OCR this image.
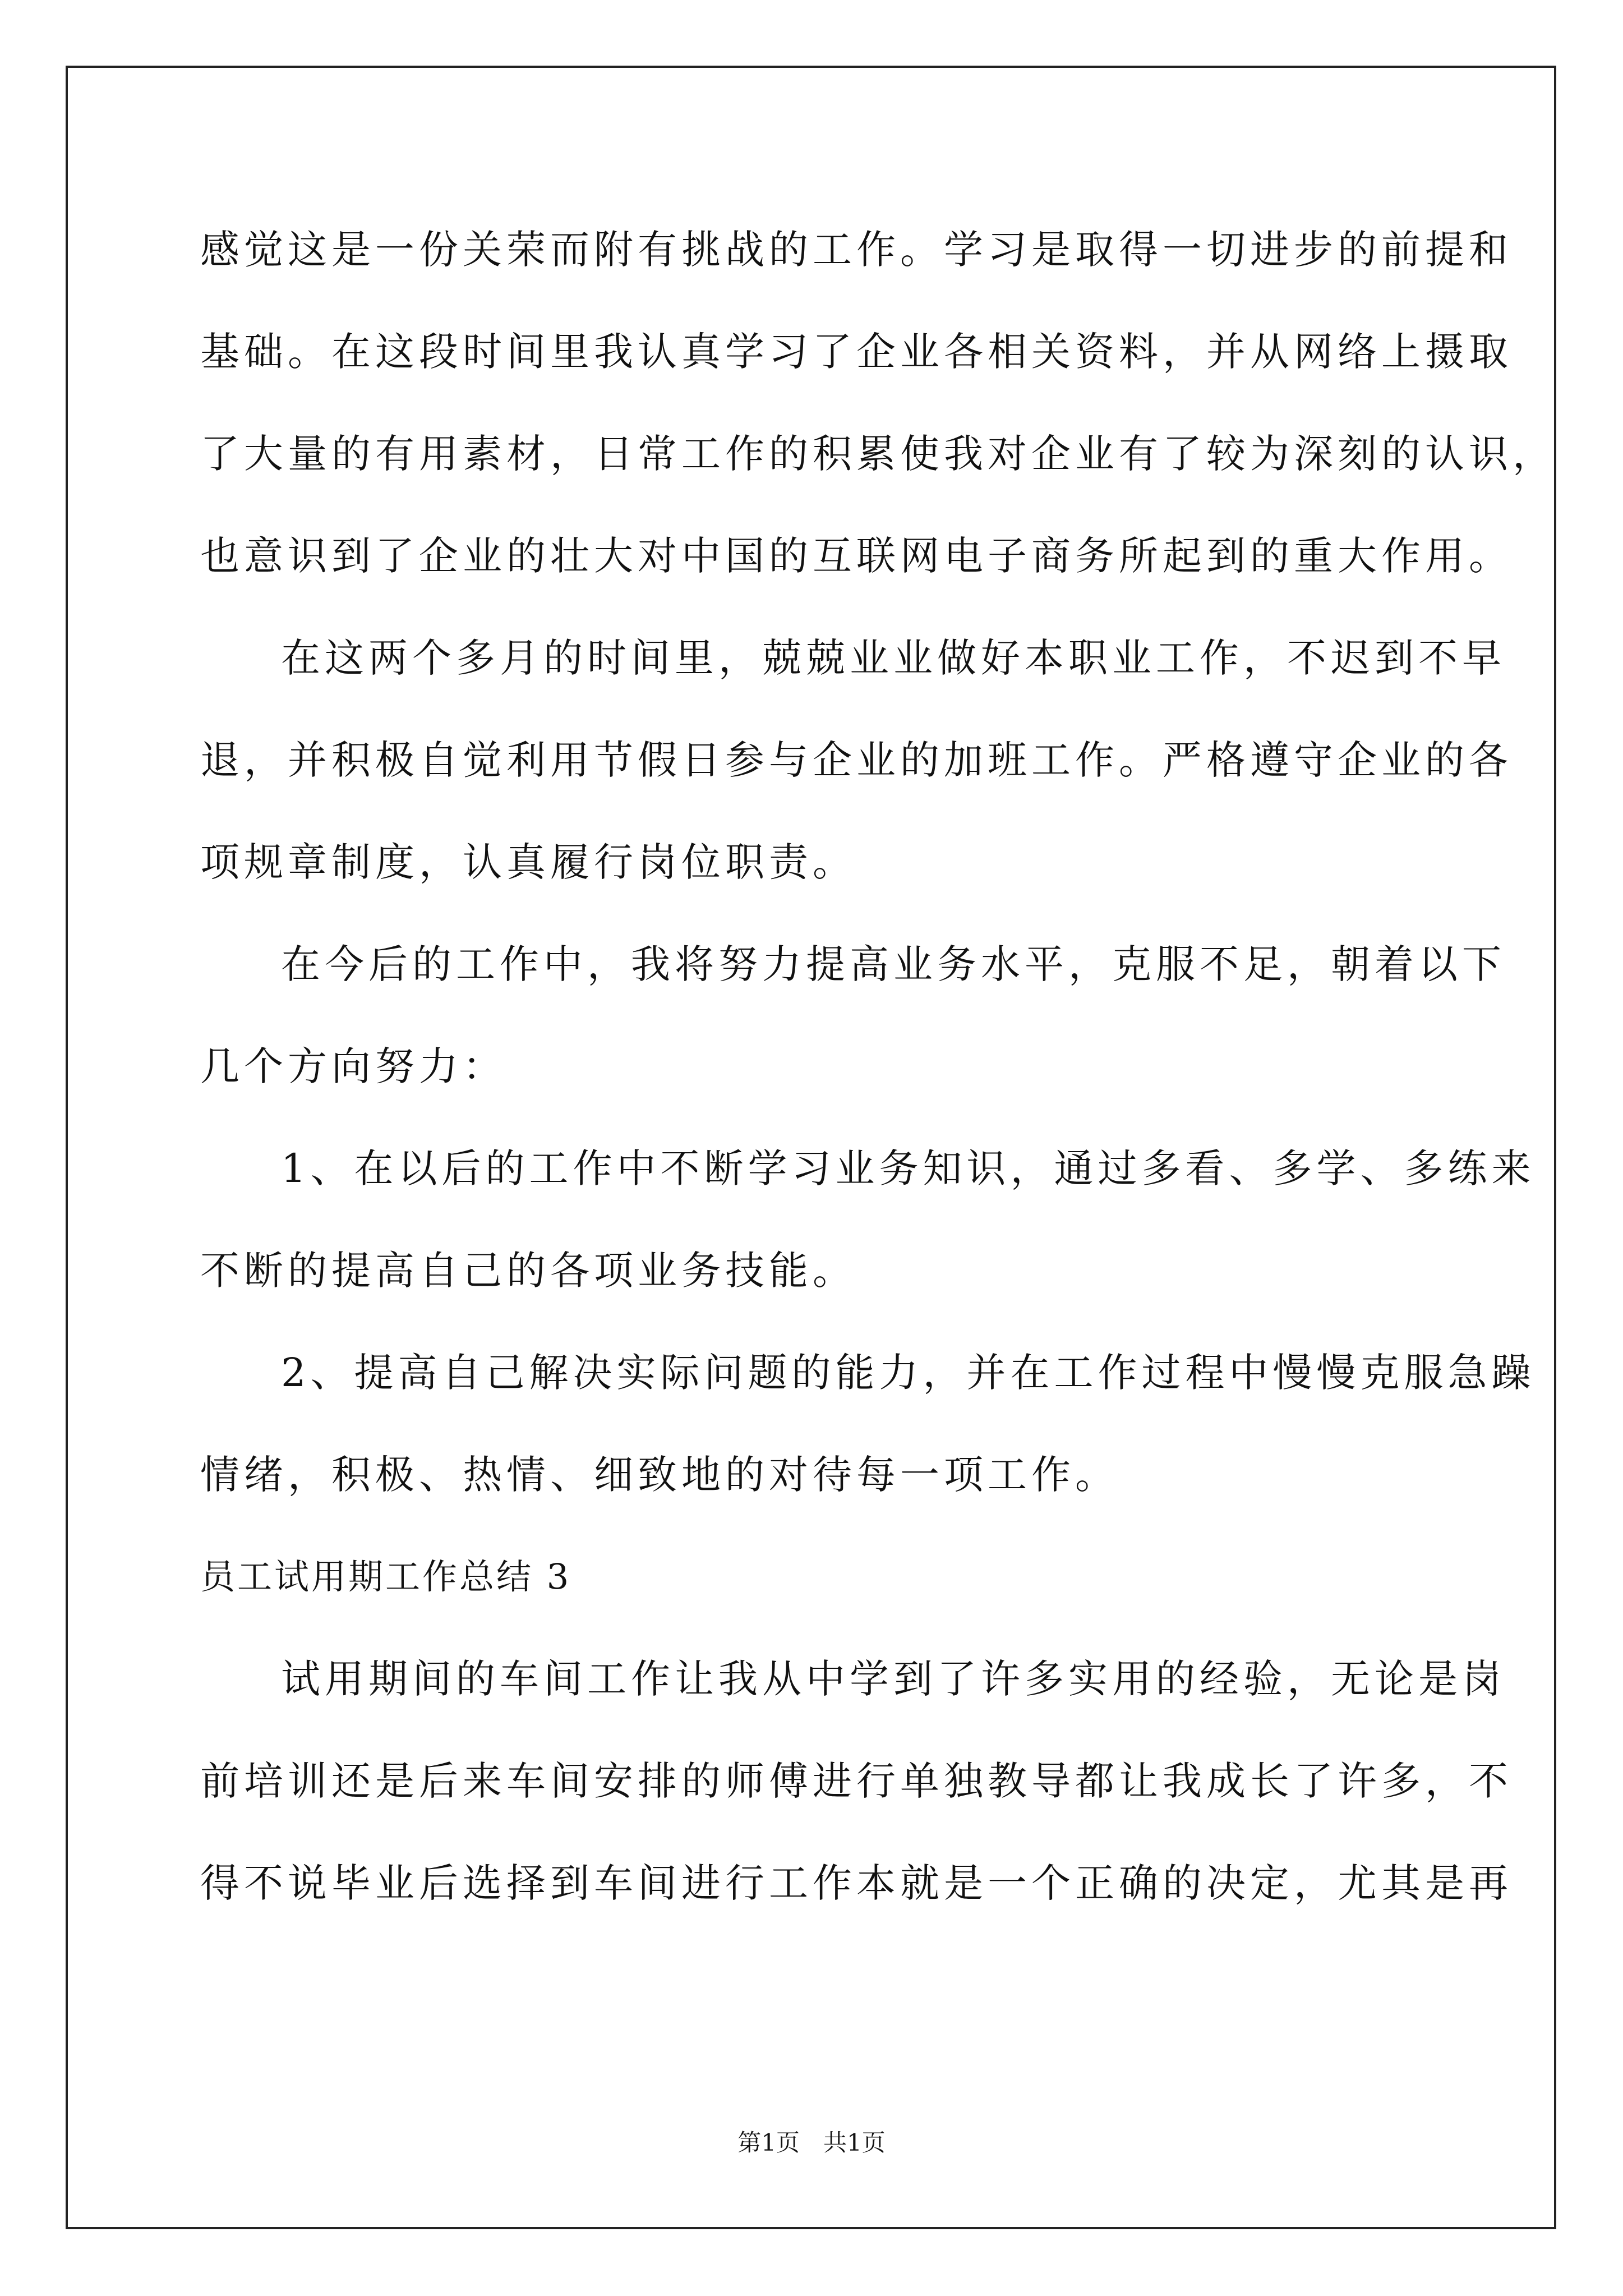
感觉这是一份关荣而附有挑战的工作。学习是取得一切进步的前提和
基础。在这段时间里我认真学习了企业各相关资料，并从网络上摄取
了大量的有用素材，日常工作的积累使我对企业有了较为深刻的认识，
也意识到了企业的壮大对中国的互联网电子商务所起到的重大作用。
在这两个多月的时间里，兢兢业业做好本职业工作，不迟到不早
退，并积极自觉利用节假日参与企业的加班工作。严格遵守企业的各
项规章制度，认真履行岗位职责。
在今后的工作中，我将努力提高业务水平，克服不足，朝着以下
几个方向努力：
1、在以后的工作中不断学习业务知识，通过多看、多学、多练来
不断的提高自己的各项业务技能。
2、提高自己解决实际问题的能力，并在工作过程中慢慢克服急躁
情绪，积极、热情、细致地的对待每一项工作。
员工试用期工作总结 3
试用期间的车间工作让我从中学到了许多实用的经验，无论是岗
前培训还是后来车间安排的师傅进行单独教导都让我成长了许多，不
得不说毕业后选择到车间进行工作本就是一个正确的决定，尤其是再
第1页　共1页
